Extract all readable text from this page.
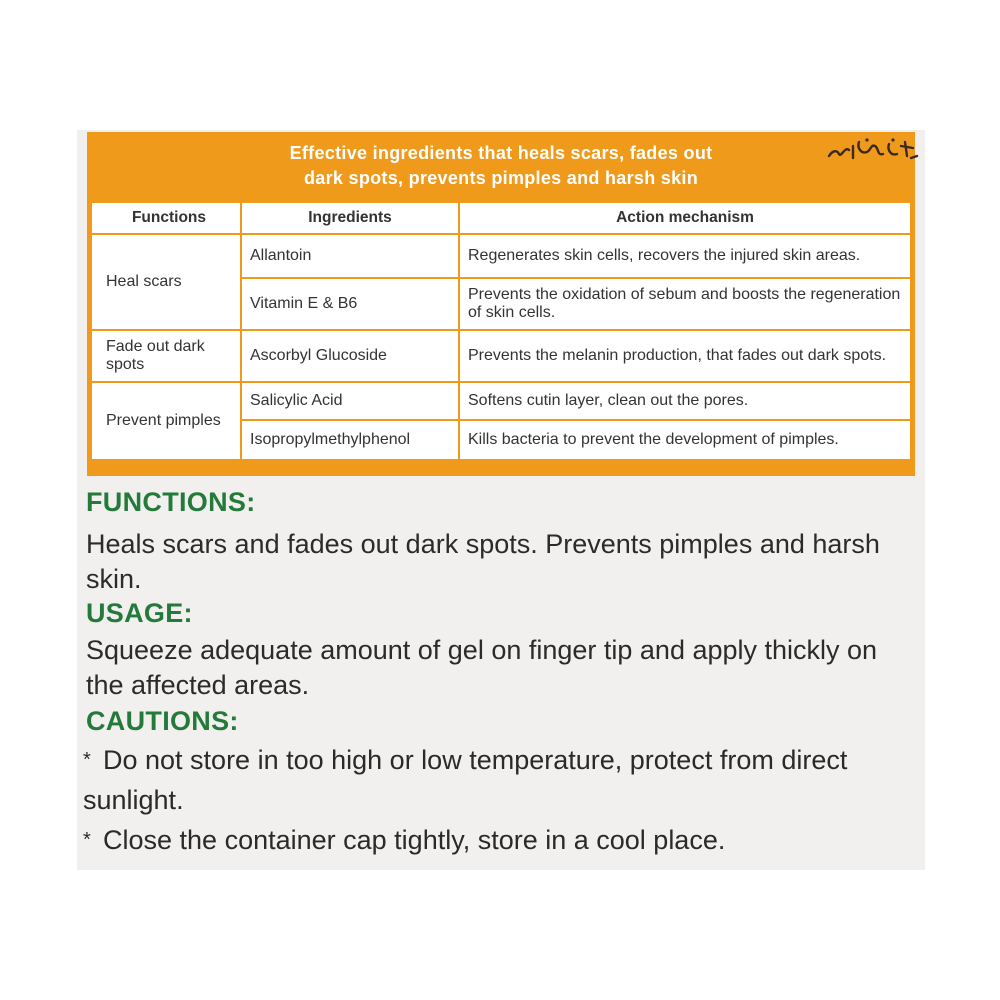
Effective ingredients that heals scars, fades out
dark spots, prevents pimples and harsh skin
Functions	Ingredients	Action mechanism
Heal scars	Allantoin	Regenerates skin cells, recovers the injured skin areas.
	Vitamin E & B6	Prevents the oxidation of sebum and boosts the regeneration of skin cells.
Fade out dark spots	Ascorbyl Glucoside	Prevents the melanin production, that fades out dark spots.
Prevent pimples	Salicylic Acid	Softens cutin layer, clean out the pores.
	Isopropylmethylphenol	Kills bacteria to prevent the development of pimples.
FUNCTIONS:
Heals scars and fades out dark spots. Prevents pimples and harsh skin.
USAGE:
Squeeze adequate amount of gel on finger tip and apply thickly on the affected areas.
CAUTIONS:
* Do not store in too high or low temperature, protect from direct sunlight.
* Close the container cap tightly, store in a cool place.
